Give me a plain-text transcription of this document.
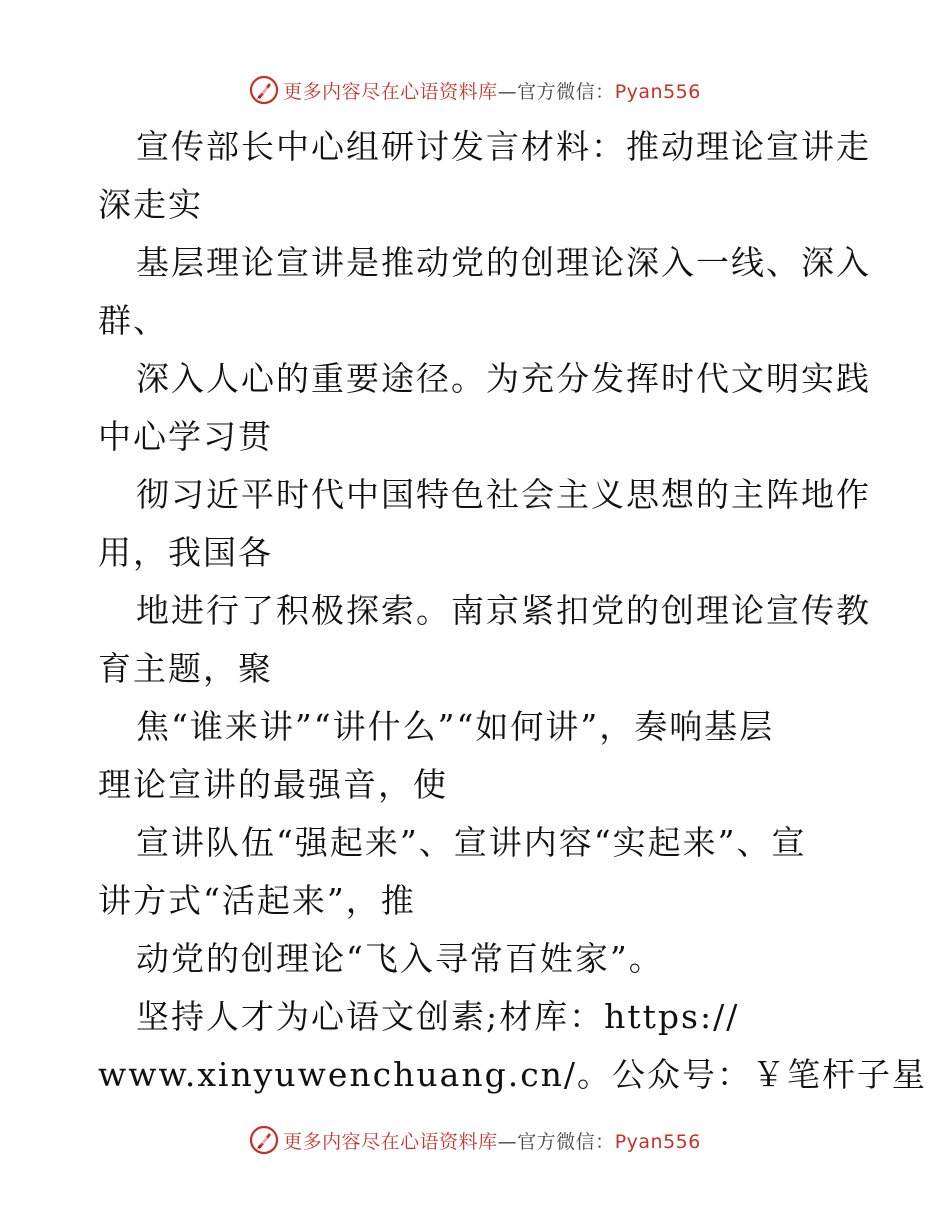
更多内容尽在心语资料库—官方微信：Pyan556
宣传部长中心组研讨发言材料：推动理论宣讲走
深走实
基层理论宣讲是推动党的创理论深入一线、深入
群、
深入人心的重要途径。为充分发挥时代文明实践
中心学习贯
彻习近平时代中国特色社会主义思想的主阵地作
用，我国各
地进行了积极探索。南京紧扣党的创理论宣传教
育主题，聚
焦“谁来讲”“讲什么”“如何讲”，奏响基层
理论宣讲的最强音，使
宣讲队伍“强起来”、宣讲内容“实起来”、宣
讲方式“活起来”，推
动党的创理论“飞入寻常百姓家”。
坚持人才为心语文创素;材库：https://
www.xinyuwenchuang.cn/。公众号：￥笔杆子星
更多内容尽在心语资料库—官方微信：Pyan556
